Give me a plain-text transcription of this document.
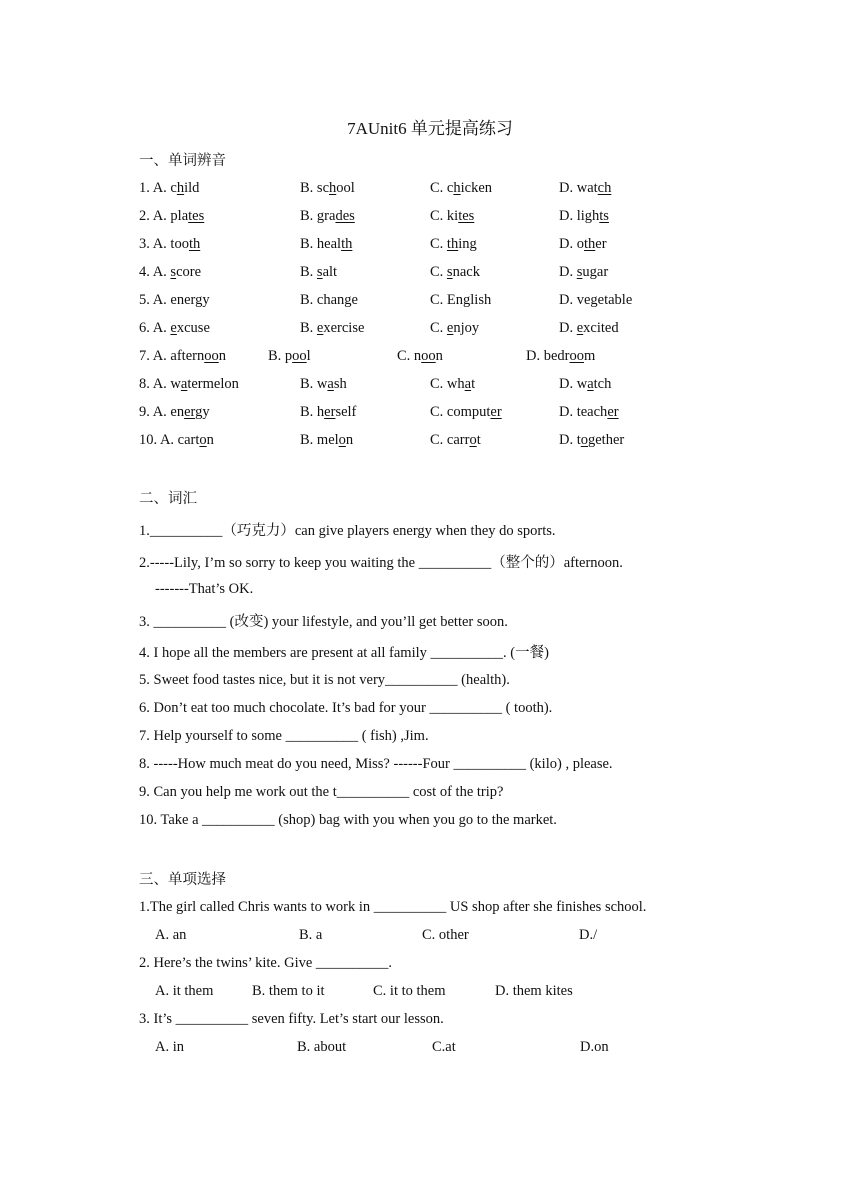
7AUnit6 单元提高练习
一、单词辨音
1. A. child	B. school	C. chicken	D. watch
2. A. plates	B. grades	C. kites	D. lights
3. A. tooth	B. health	C. thing	D. other
4. A. score	B. salt	C. snack	D. sugar
5. A. energy	B. change	C. English	D. vegetable
6. A. excuse	B. exercise	C. enjoy	D. excited
7. A. afternoon	B. pool	C. noon	D. bedroom
8. A. watermelon	B. wash	C. what	D. watch
9. A. energy	B. herself	C. computer	D. teacher
10. A. carton	B. melon	C. carrot	D. together
二、词汇
1.__________（巧克力）can give players energy when they do sports.
2.-----Lily, I’m so sorry to keep you waiting the __________（整个的）afternoon.
-------That’s OK.
3. __________ (改变) your lifestyle, and you’ll get better soon.
4. I hope all the members are present at all family __________. (一餐)
5. Sweet food tastes nice, but it is not very__________ (health).
6. Don’t eat too much chocolate. It’s bad for your __________ ( tooth).
7. Help yourself to some __________ ( fish) ,Jim.
8. -----How much meat do you need, Miss? ------Four __________ (kilo) , please.
9. Can you help me work out the t__________ cost of the trip?
10. Take a __________ (shop) bag with you when you go to the market.
三、单项选择
1.The girl called Chris wants to work in __________ US shop after she finishes school.
A. an	B. a	C. other	D./
2. Here’s the twins’ kite. Give __________.
A. it them	B. them to it	C. it to them	D. them kites
3. It’s __________ seven fifty. Let’s start our lesson.
A. in	B. about	C.at	D.on
